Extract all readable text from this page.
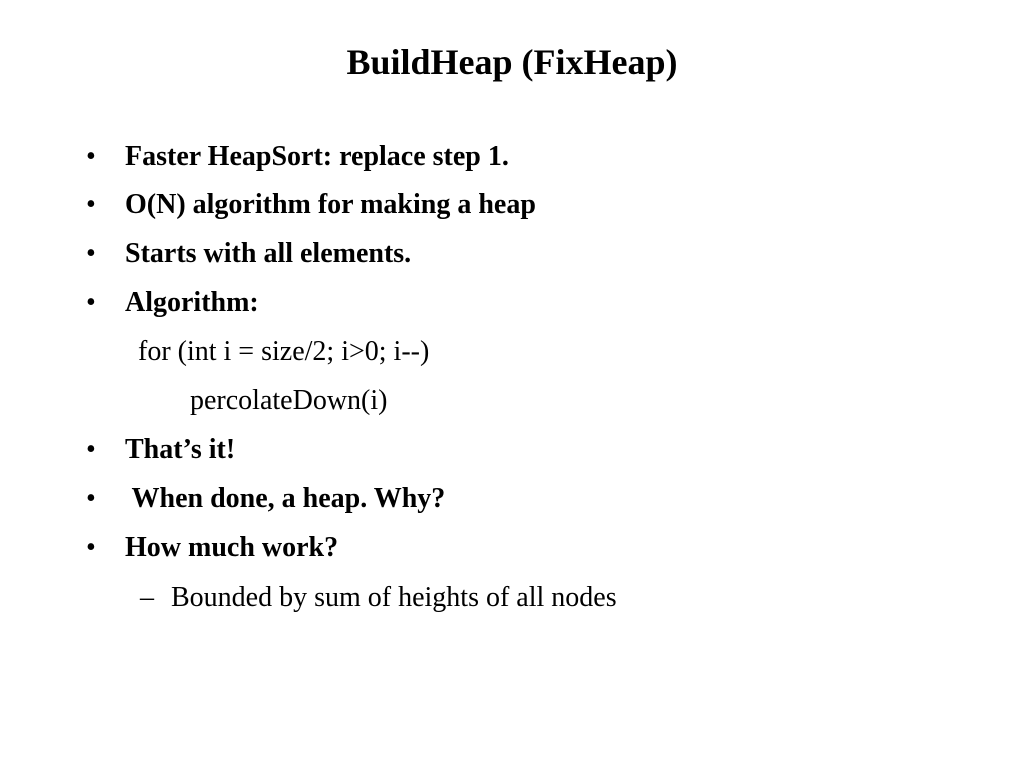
BuildHeap (FixHeap)
• Faster HeapSort: replace step 1.
• O(N) algorithm for making a heap
• Starts with all elements.
• Algorithm:
for (int i = size/2; i>0; i--)
percolateDown(i)
• That’s it!
• When done, a heap. Why?
• How much work?
– Bounded by sum of heights of all nodes
